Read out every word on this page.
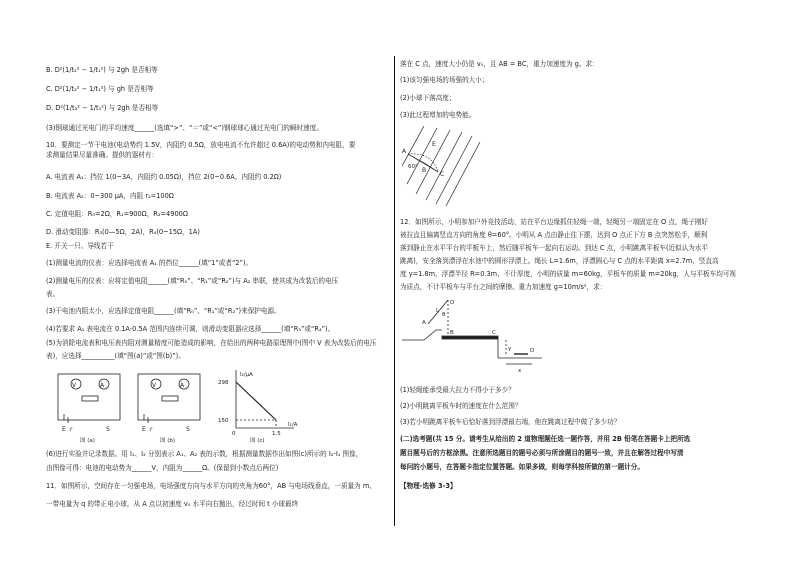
B. D²(1/t₂² − 1/t₁²) 与 2gh 是否相等
C. D²(1/t₂² − 1/t₁²) 与 gh 是否相等
D. D²(1/t₂² − 1/t₁²) 与 2gh 是否相等
(3)钢球通过光电门的平均速度______(选填“>”、“＝”或“<”)钢球球心通过光电门的瞬时速度。
10．要测定一节干电池(电动势约 1.5V，内阻约 0.5Ω，放电电流不允许超过 0.6A)的电动势和内电阻，要
求测量结果尽量准确。提供的器材有：
A. 电流表 A₁：挡位 1(0~3A，内阻约 0.05Ω)，挡位 2(0~0.6A，内阻约 0.2Ω)
B. 电流表 A₂：0~300 μA，内阻 r₂=100Ω
C. 定值电阻：R₀=2Ω，R₁=900Ω，R₂=4900Ω
D. 滑动变阻器：R₃(0—5Ω，2A)，R₄(0~15Ω，1A)
E. 开关一只、导线若干
(1)测量电流的仪表：应选择电流表 A₁ 的挡位______(填“1”或者“2”)。
(2)测量电压的仪表：应将定值电阻______(填“R₀”、“R₁”或“R₂”)与 A₂ 串联，使其成为改装后的电压
表。
(3)干电池内阻太小，应选择定值电阻______(填“R₀”、“R₁”或“R₂”)来保护电源。
(4)若要求 A₁ 表电流在 0.1A-0.5A 范围内连续可调，则滑动变阻器应选择______(填“R₃”或“R₄”)。
(5)为消除电流表和电压表内阻对测量精度可能造成的影响，在给出的两种电路原理图中(图中 V 表为改装后的电压
表)，应选择__________(填“图(a)”或“图(b)”)。
V	A
E r	S
图 (a)
V	A
E r	S
图 (b)
I₂/μA
I₁/A
298
150
0	1.5
图 (c)
(6)进行实验并记录数据。用 I₁、I₂ 分别表示 A₁、A₂ 表的示数，根据测量数据作出如图(c)所示的 I₂-I₁ 图像，
由图像可得：电池的电动势为______V，内阻为______Ω。(保留到小数点后两位)
11．如图所示，空间存在一匀强电场，电场强度方向与水平方向的夹角为60°，AB 与电场线垂直，一质量为 m、
一带电量为 q 的带正电小球，从 A 点以初速度 v₀ 水平向右抛出，经过时间 t 小球最终
落在 C 点，速度大小仍是 v₀，且 AB = BC，重力加速度为 g。求：
(1)该匀强电场的场强的大小；
(2)小球下落高度；
(3)此过程增加的电势能。
A
B
C
E
60°
12．如图所示，小明参加户外竞技活动，站在平台边缘抓住轻绳一端，轻绳另一端固定在 O 点，绳子刚好
被拉直且偏离竖直方向的角度 θ=60°。小明从 A 点由静止往下摆，达到 O 点正下方 B 点突然松手，顺利
落到静止在水平平台的平板车上，然后随平板车一起向右运动。到达 C 点，小明跳离平板车(近似认为水平
跳离)，安全落到漂浮在水池中的圆形浮漂上。绳长 L=1.6m，浮漂圆心与 C 点的水平距离 x=2.7m、竖直高
度 y=1.8m，浮漂半径 R=0.3m、不计厚度，小明的质量 m=60kg，平板车的质量 m=20kg，人与平板车均可视
为质点，不计平板车与平台之间的摩擦。重力加速度 g=10m/s²，求：
O
A
θ
L
B	C
y
x
D
(1)轻绳能承受最大拉力不得小于多少？
(2)小明跳离平板车时的速度在什么范围？
(3)若小明跳离平板车后恰好落到浮漂最右端，他在跳离过程中做了多少功？
(二)选考题(共 15 分。请考生从给出的 2 道物理题任选一题作答，并用 2B 铅笔在答题卡上把所选
题目题号后的方框涂黑。注意所选题目的题号必须与所涂题目的题号一致，并且在解答过程中写清
每问的小题号，在答题卡指定位置答题。如果多做，则每学科按所做的第一题计分。
【物理-选修 3-3】
